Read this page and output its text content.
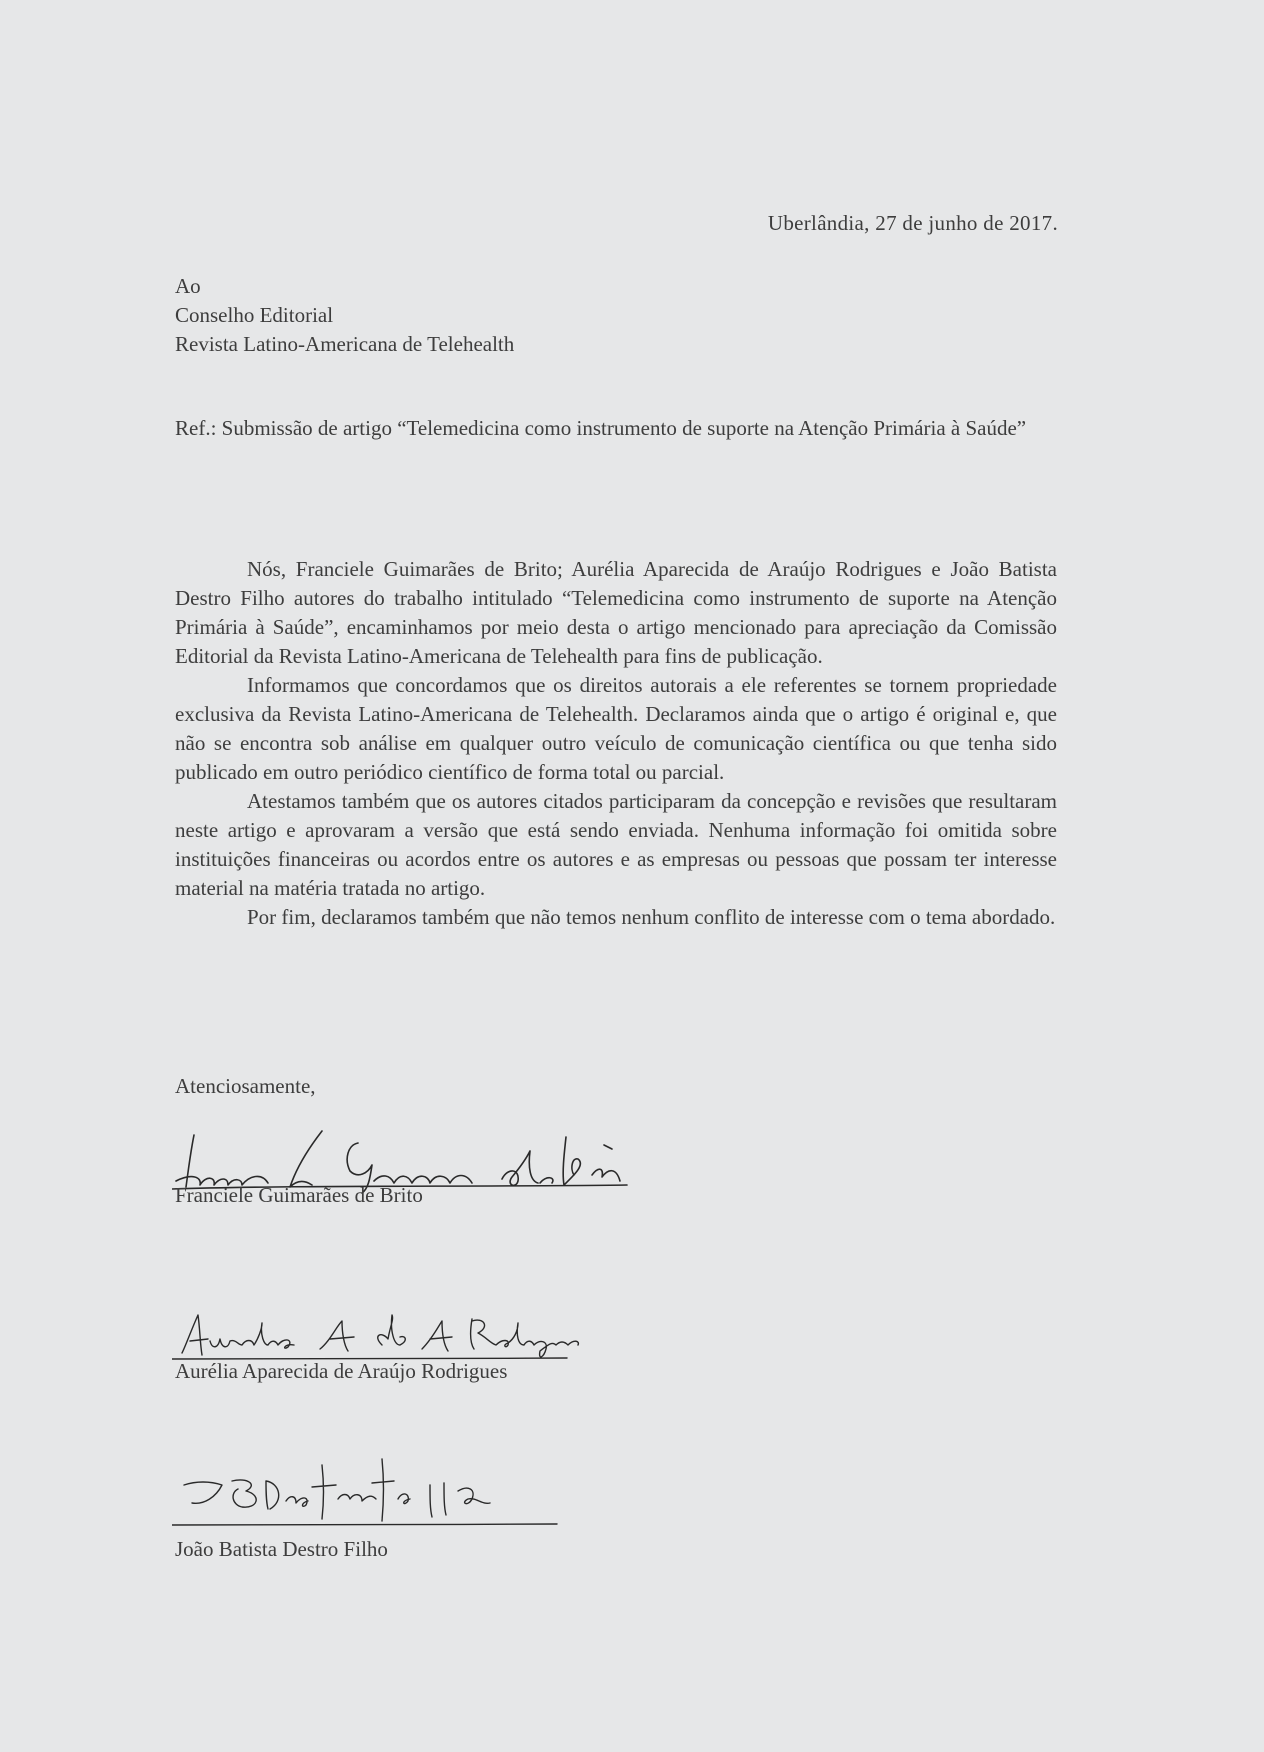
Uberlândia, 27 de junho de 2017.
Ao
Conselho Editorial
Revista Latino-Americana de Telehealth
Ref.: Submissão de artigo “Telemedicina como instrumento de suporte na Atenção Primária à Saúde”

Nós, Franciele Guimarães de Brito; Aurélia Aparecida de Araújo Rodrigues e João Batista Destro Filho autores do trabalho intitulado “Telemedicina como instrumento de suporte na Atenção Primária à Saúde”, encaminhamos por meio desta o artigo mencionado para apreciação da Comissão Editorial da Revista Latino-Americana de Telehealth para fins de publicação.

Informamos que concordamos que os direitos autorais a ele referentes se tornem propriedade exclusiva da Revista Latino-Americana de Telehealth. Declaramos ainda que o artigo é original e, que não se encontra sob análise em qualquer outro veículo de comunicação científica ou que tenha sido publicado em outro periódico científico de forma total ou parcial.

Atestamos também que os autores citados participaram da concepção e revisões que resultaram neste artigo e aprovaram a versão que está sendo enviada. Nenhuma informação foi omitida sobre instituições financeiras ou acordos entre os autores e as empresas ou pessoas que possam ter interesse material na matéria tratada no artigo.

Por fim, declaramos também que não temos nenhum conflito de interesse com o tema abordado.

Atenciosamente,
Franciele Guimarães de Brito
Aurélia Aparecida de Araújo Rodrigues
João Batista Destro Filho
